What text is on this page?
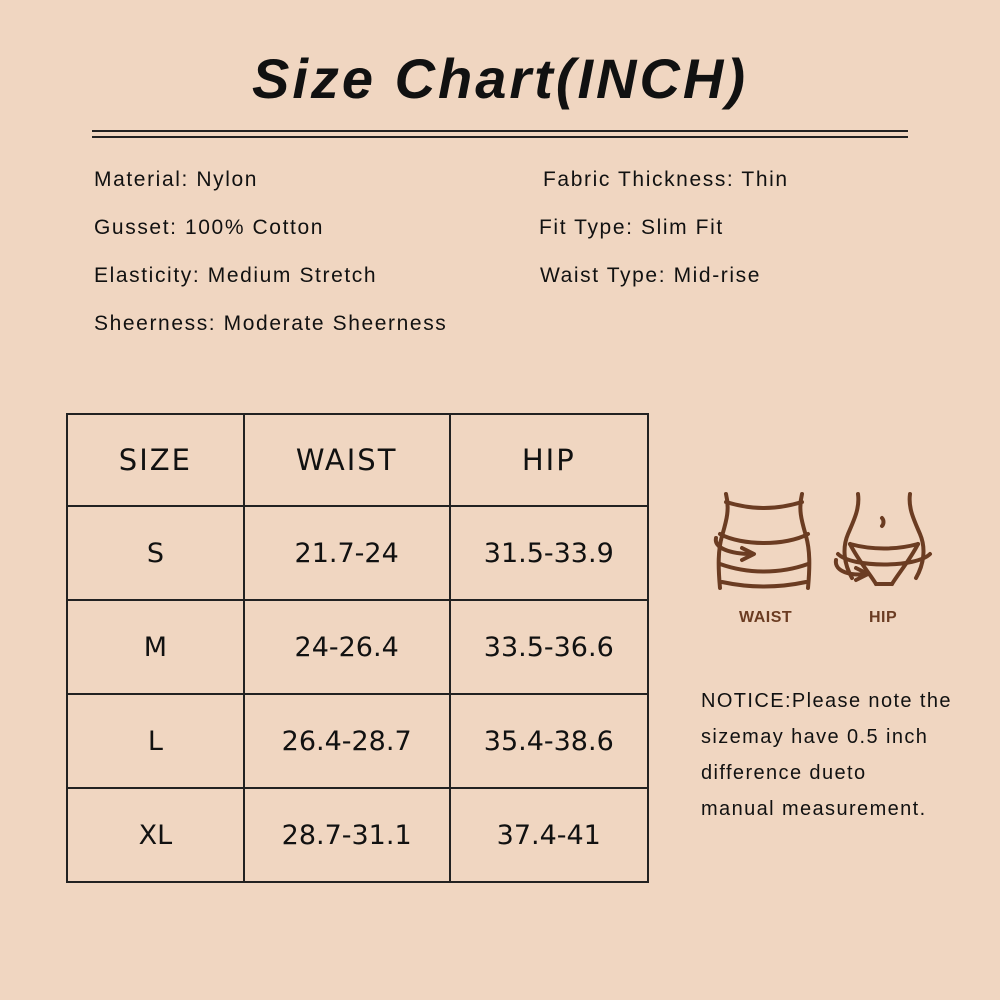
Size Chart(INCH)
Material: Nylon	Fabric Thickness: Thin
Gusset: 100% Cotton	Fit Type: Slim Fit
Elasticity: Medium Stretch	Waist Type: Mid-rise
Sheerness: Moderate Sheerness
SIZE	WAIST	HIP
S	21.7-24	31.5-33.9
M	24-26.4	33.5-36.6
L	26.4-28.7	35.4-38.6
XL	28.7-31.1	37.4-41
WAIST	HIP
NOTICE:Please note the
sizemay have 0.5 inch
difference dueto
manual measurement.
